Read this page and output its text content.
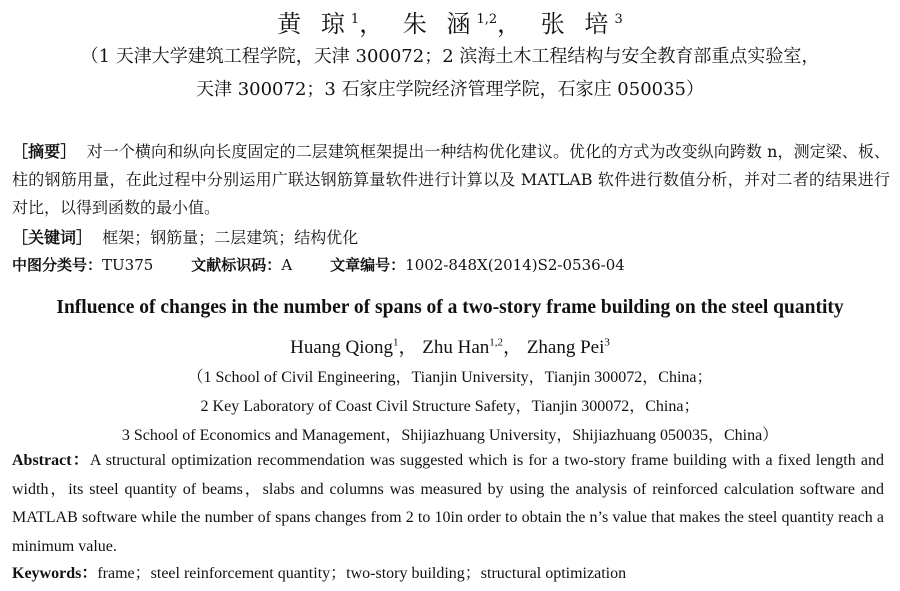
黄 琼$^1$， 朱 涵$^{1,2}$， 张 培$^3$
（1 天津大学建筑工程学院，天津 300072；2 滨海土木工程结构与安全教育部重点实验室，
天津 300072；3 石家庄学院经济管理学院，石家庄 050035）
［摘要］ 对一个横向和纵向长度固定的二层建筑框架提出一种结构优化建议。优化的方式为改变纵向跨数 n，测定梁、板、柱的钢筋用量，在此过程中分别运用广联达钢筋算量软件进行计算以及 MATLAB 软件进行数值分析，并对二者的结果进行对比，以得到函数的最小值。
［关键词］ 框架；钢筋量；二层建筑；结构优化
中图分类号：TU375	文献标识码：A	文章编号：1002-848X(2014)S2-0536-04
Influence of changes in the number of spans of a two-story frame building on the steel quantity
Huang Qiong$^1$， Zhu Han$^{1,2}$， Zhang Pei$^3$
（1 School of Civil Engineering，Tianjin University，Tianjin 300072，China；
2 Key Laboratory of Coast Civil Structure Safety，Tianjin 300072，China；
3 School of Economics and Management，Shijiazhuang University，Shijiazhuang 050035，China）
Abstract：A structural optimization recommendation was suggested which is for a two-story frame building with a fixed length and width，its steel quantity of beams，slabs and columns was measured by using the analysis of reinforced calculation software and MATLAB software while the number of spans changes from 2 to 10in order to obtain the n’s value that makes the steel quantity reach a minimum value.
Keywords：frame；steel reinforcement quantity；two-story building；structural optimization
